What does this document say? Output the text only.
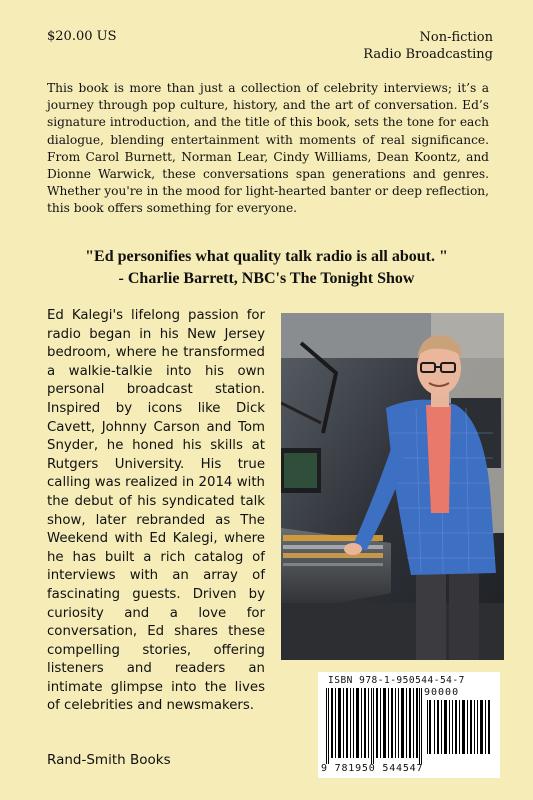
$20.00 US	Non-fiction
Radio Broadcasting
This book is more than just a collection of celebrity interviews; it’s a journey through pop culture, history, and the art of conversation. Ed’s signature introduction, and the title of this book, sets the tone for each dialogue, blending entertainment with moments of real significance. From Carol Burnett, Norman Lear, Cindy Williams, Dean Koontz, and Dionne Warwick, these conversations span generations and genres. Whether you're in the mood for light-hearted banter or deep reflection, this book offers something for everyone.
"Ed personifies what quality talk radio is all about. "
- Charlie Barrett, NBC's The Tonight Show
Ed Kalegi's lifelong passion for radio began in his New Jersey bedroom, where he transformed a walkie-talkie into his own personal broadcast station. Inspired by icons like Dick Cavett, Johnny Carson and Tom Snyder, he honed his skills at Rutgers University. His true calling was realized in 2014 with the debut of his syndicated talk show, later rebranded as The Weekend with Ed Kalegi, where he has built a rich catalog of interviews with an array of fascinating guests. Driven by curiosity and a love for conversation, Ed shares these compelling stories, offering listeners and readers an intimate glimpse into the lives of celebrities and newsmakers.
Rand-Smith Books
ISBN 978-1-950544-54-7
90000
9 781950 544547
